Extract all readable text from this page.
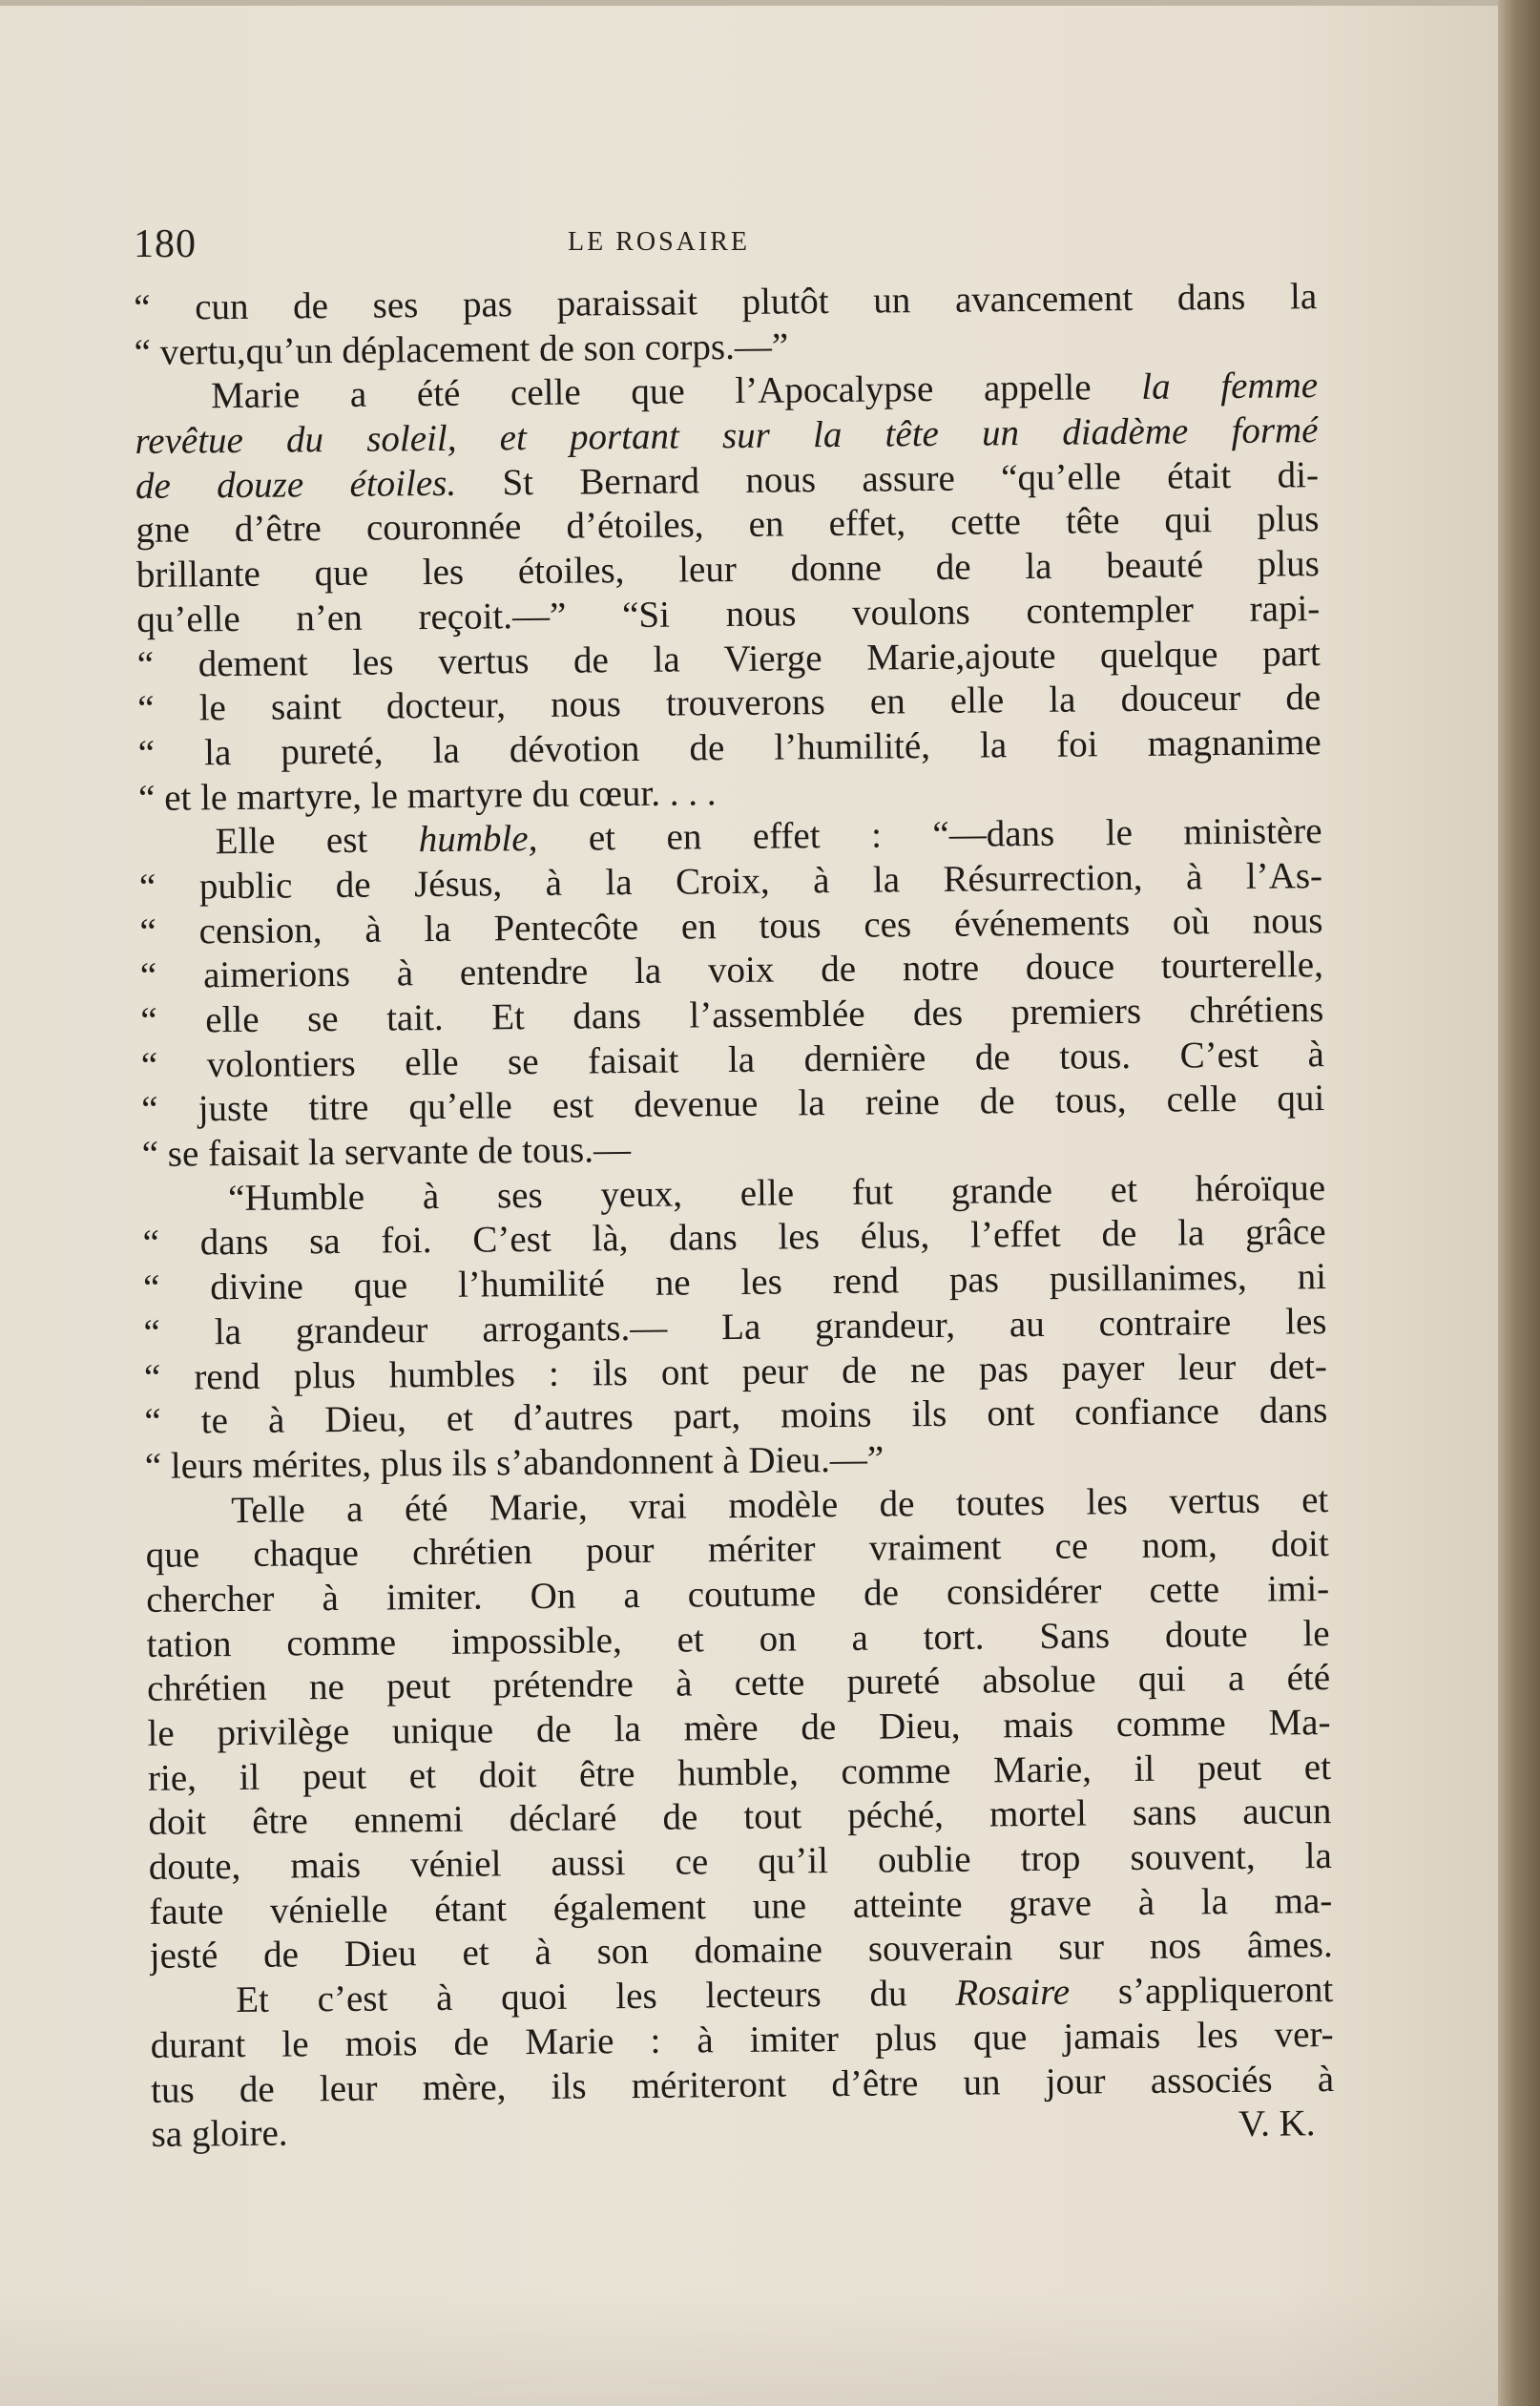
180	LE ROSAIRE
“ cun de ses pas paraissait plutôt un avancement dans la
“ vertu,qu’un déplacement de son corps.—”
Marie a été celle que l’Apocalypse appelle la femme
revêtue du soleil, et portant sur la tête un diadème formé
de douze étoiles. St Bernard nous assure “qu’elle était di-
gne d’être couronnée d’étoiles, en effet, cette tête qui plus
brillante que les étoiles, leur donne de la beauté plus
qu’elle n’en reçoit.—” “Si nous voulons contempler rapi-
“ dement les vertus de la Vierge Marie,ajoute quelque part
“ le saint docteur, nous trouverons en elle la douceur de
“ la pureté, la dévotion de l’humilité, la foi magnanime
“ et le martyre, le martyre du cœur. . . .
Elle est humble, et en effet : “—dans le ministère
“ public de Jésus, à la Croix, à la Résurrection, à l’As-
“ cension, à la Pentecôte en tous ces événements où nous
“ aimerions à entendre la voix de notre douce tourterelle,
“ elle se tait. Et dans l’assemblée des premiers chrétiens
“ volontiers elle se faisait la dernière de tous. C’est à
“ juste titre qu’elle est devenue la reine de tous, celle qui
“ se faisait la servante de tous.—
“Humble à ses yeux, elle fut grande et héroïque
“ dans sa foi. C’est là, dans les élus, l’effet de la grâce
“ divine que l’humilité ne les rend pas pusillanimes, ni
“ la grandeur arrogants.— La grandeur, au contraire les
“ rend plus humbles : ils ont peur de ne pas payer leur det-
“ te à Dieu, et d’autres part, moins ils ont confiance dans
“ leurs mérites, plus ils s’abandonnent à Dieu.—”
Telle a été Marie, vrai modèle de toutes les vertus et
que chaque chrétien pour mériter vraiment ce nom, doit
chercher à imiter. On a coutume de considérer cette imi-
tation comme impossible, et on a tort. Sans doute le
chrétien ne peut prétendre à cette pureté absolue qui a été
le privilège unique de la mère de Dieu, mais comme Ma-
rie, il peut et doit être humble, comme Marie, il peut et
doit être ennemi déclaré de tout péché, mortel sans aucun
doute, mais véniel aussi ce qu’il oublie trop souvent, la
faute vénielle étant également une atteinte grave à la ma-
jesté de Dieu et à son domaine souverain sur nos âmes.
Et c’est à quoi les lecteurs du Rosaire s’appliqueront
durant le mois de Marie : à imiter plus que jamais les ver-
tus de leur mère, ils mériteront d’être un jour associés à
sa gloire.	V. K.
